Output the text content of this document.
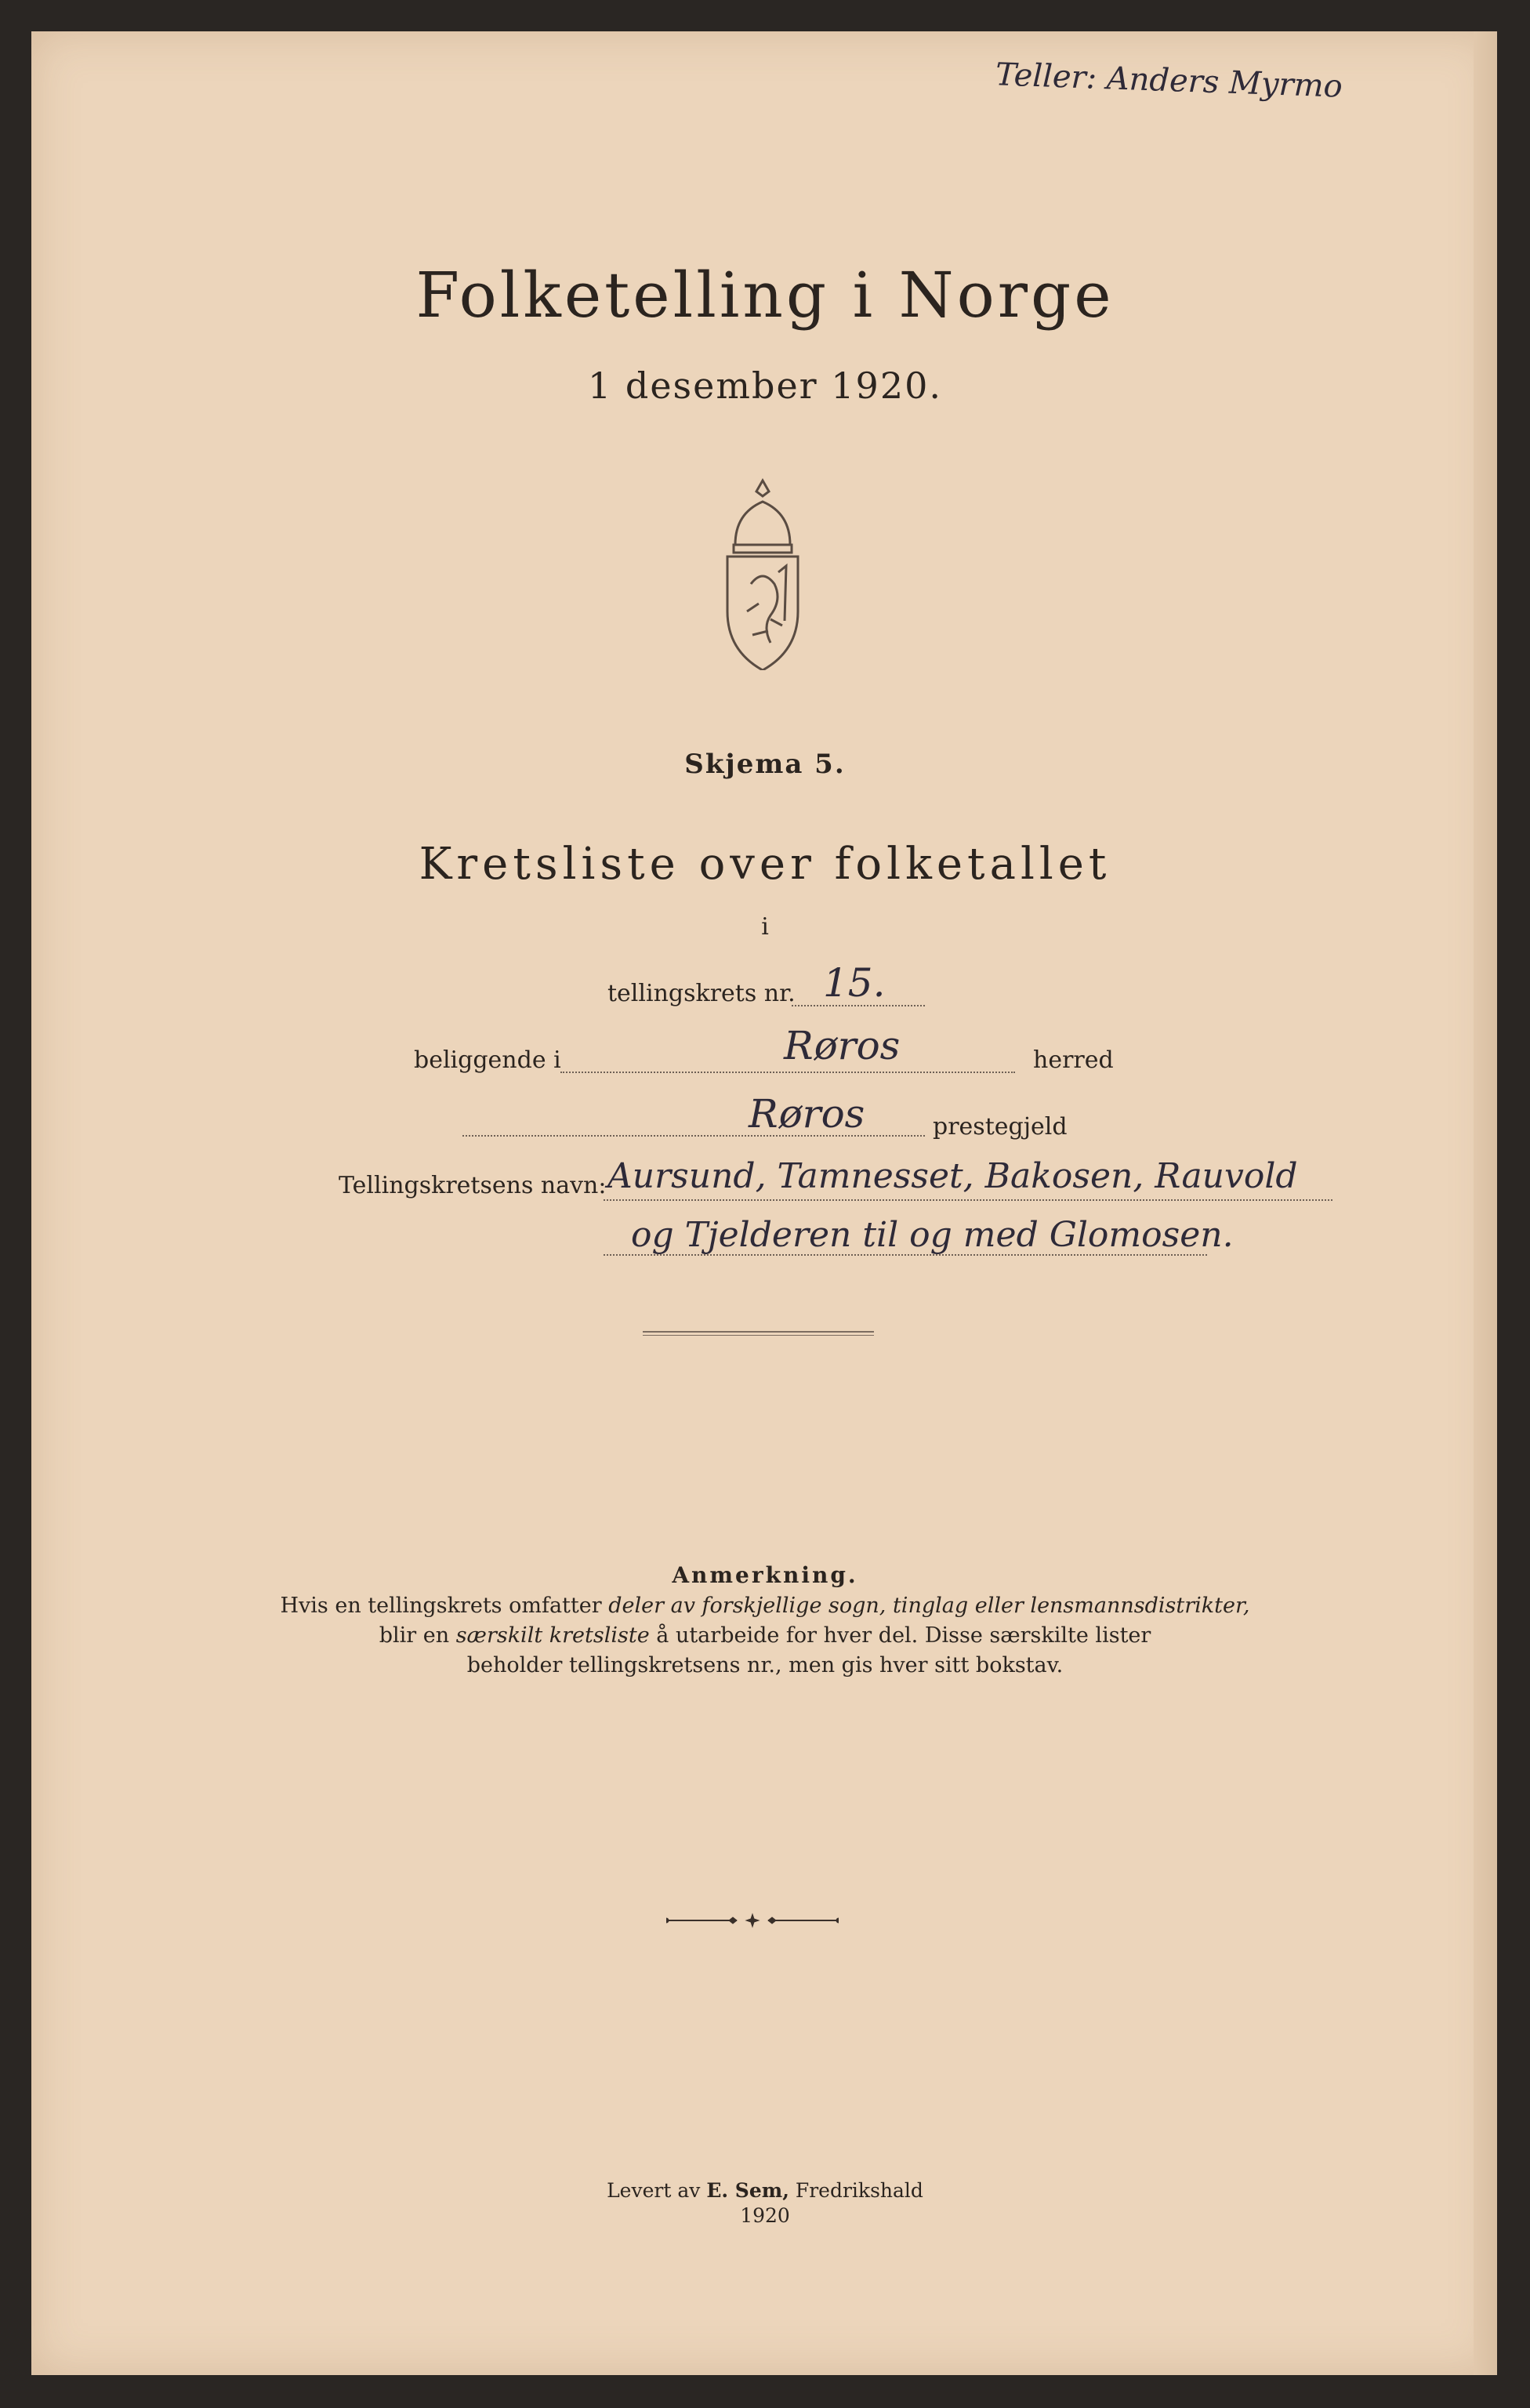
Teller: Anders Myrmo
Folketelling i Norge
1 desember 1920.
Skjema 5.
Kretsliste over folketallet
i
tellingskrets nr. 15.
beliggende i	Røros	herred
Røros	prestegjeld
Tellingskretsens navn: Aursund, Tamnesset, Bakosen, Rauvold
og Tjelderen til og med Glomosen.
Anmerkning.
Hvis en tellingskrets omfatter deler av forskjellige sogn, tinglag eller lensmannsdistrikter,
blir en særskilt kretsliste å utarbeide for hver del. Disse særskilte lister
beholder tellingskretsens nr., men gis hver sitt bokstav.
Levert av E. Sem, Fredrikshald
1920
